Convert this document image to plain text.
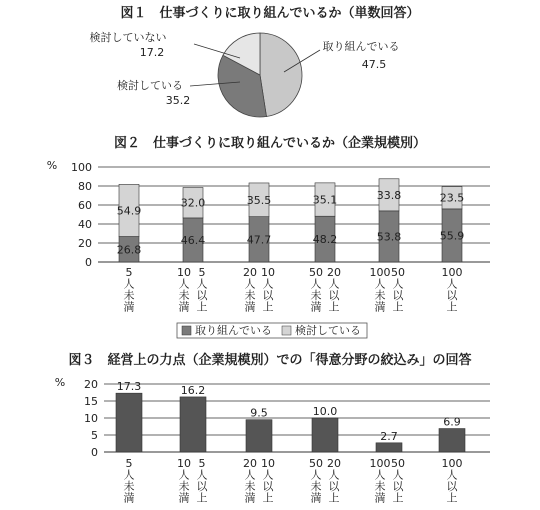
図１　仕事づくりに取り組んでいるか（単数回答）
検討していない
17.2
検討している
35.2
取り組んでいる
47.5
図２　仕事づくりに取り組んでいるか（企業規模別）
%
0
20
40
60
80
100
26.8
54.9
46.4
32.0
47.7
35.5
48.2
35.1
53.8
33.8
55.9
23.5
5
人
未
満
10
人
未
満
5
人
以
上
20
人
未
満
10
人
以
上
50
人
未
満
20
人
以
上
100
人
未
満
50
人
以
上
100
人
以
上
取り組んでいる 検討している
図３　経営上の力点（企業規模別）での「得意分野の絞込み」の回答
%
0
5
10
15
20 17.3	16.2
9.5	10.0
2.7
6.9
5
人
未
満
10
人
未
満
5
人
以
上
20
人
未
満
10
人
以
上
50
人
未
満
20
人
以
上
100
人
未
満
50
人
以
上
100
人
以
上
